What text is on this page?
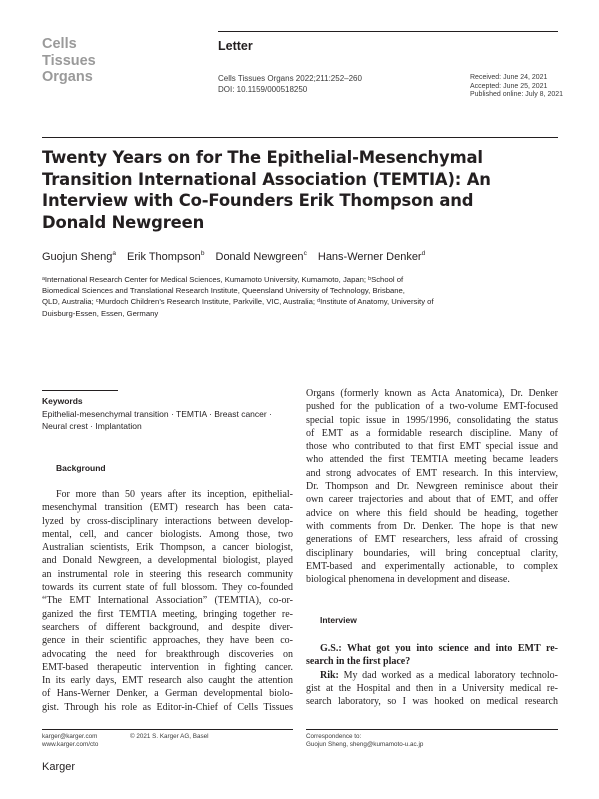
Cells
Tissues
Organs
Letter
Cells Tissues Organs 2022;211:252–260
DOI: 10.1159/000518250
Received: June 24, 2021
Accepted: June 25, 2021
Published online: July 8, 2021
Twenty Years on for The Epithelial-Mesenchymal
Transition International Association (TEMTIA): An
Interview with Co-Founders Erik Thompson and
Donald Newgreen
Guojun Sheng$^a$ Erik Thompson$^b$ Donald Newgreen$^c$ Hans-Werner Denker$^d$
ᵃInternational Research Center for Medical Sciences, Kumamoto University, Kumamoto, Japan; ᵇSchool of
Biomedical Sciences and Translational Research Institute, Queensland University of Technology, Brisbane,
QLD, Australia; ᶜMurdoch Children’s Research Institute, Parkville, VIC, Australia; ᵈInstitute of Anatomy, University of
Duisburg-Essen, Essen, Germany
Keywords
Epithelial-mesenchymal transition · TEMTIA · Breast cancer ·
Neural crest · Implantation
Background
For more than 50 years after its inception, epithelial-
mesenchymal transition (EMT) research has been cata-
lyzed by cross-disciplinary interactions between develop-
mental, cell, and cancer biologists. Among those, two
Australian scientists, Erik Thompson, a cancer biologist,
and Donald Newgreen, a developmental biologist, played
an instrumental role in steering this research community
towards its current state of full blossom. They co-founded
“The EMT International Association” (TEMTIA), co-or-
ganized the first TEMTIA meeting, bringing together re-
searchers of different background, and despite diver-
gence in their scientific approaches, they have been co-
advocating the need for breakthrough discoveries on
EMT-based therapeutic intervention in fighting cancer.
In its early days, EMT research also caught the attention
of Hans-Werner Denker, a German developmental biolo-
gist. Through his role as Editor-in-Chief of Cells Tissues
Organs (formerly known as Acta Anatomica), Dr. Denker
pushed for the publication of a two-volume EMT-focused
special topic issue in 1995/1996, consolidating the status
of EMT as a formidable research discipline. Many of
those who contributed to that first EMT special issue and
who attended the first TEMTIA meeting became leaders
and strong advocates of EMT research. In this interview,
Dr. Thompson and Dr. Newgreen reminisce about their
own career trajectories and about that of EMT, and offer
advice on where this field should be heading, together
with comments from Dr. Denker. The hope is that new
generations of EMT researchers, less afraid of crossing
disciplinary boundaries, will bring conceptual clarity,
EMT-based and experimentally actionable, to complex
biological phenomena in development and disease.
Interview
G.S.: What got you into science and into EMT re-
search in the first place?
Rik: My dad worked as a medical laboratory technolo-
gist at the Hospital and then in a University medical re-
search laboratory, so I was hooked on medical research
karger@karger.com
www.karger.com/cto
© 2021 S. Karger AG, Basel
Karger
Correspondence to:
Guojun Sheng, sheng@kumamoto-u.ac.jp
